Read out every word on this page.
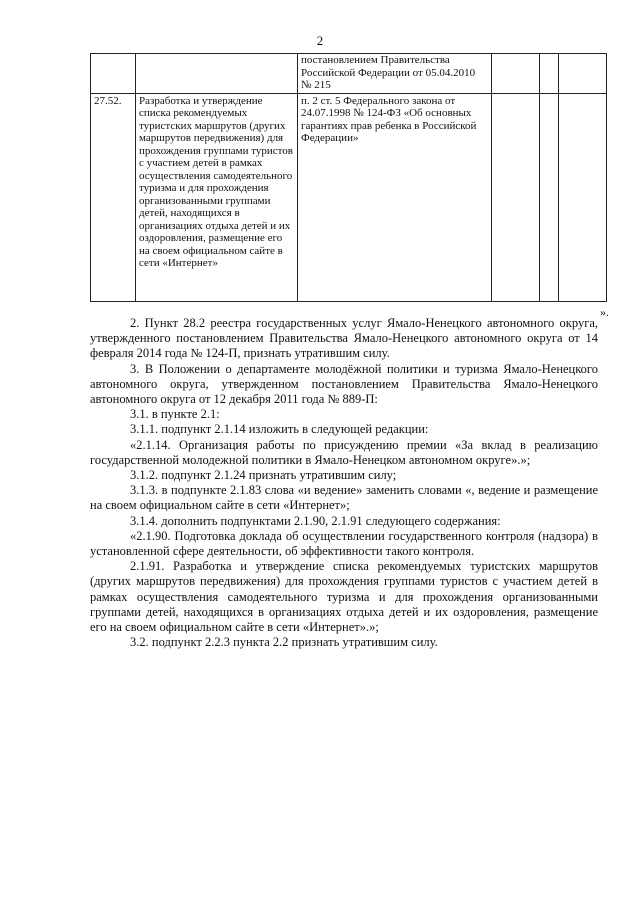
2
		постановлением Правительства Российской Федерации от 05.04.2010 № 215			
27.52.	Разработка и утверждение списка рекомендуемых туристских маршрутов (других маршрутов передвижения) для прохождения группами туристов с участием детей в рамках осуществления самодеятельного туризма и для прохождения организованными группами детей, находящихся в организациях отдыха детей и их оздоровления, размещение его на своем официальном сайте в сети «Интернет»	п. 2 ст. 5 Федерального закона от 24.07.1998 № 124-ФЗ «Об основных гарантиях прав ребенка в Российской Федерации»			
».

2. Пункт 28.2 реестра государственных услуг Ямало-Ненецкого автономного округа, утвержденного постановлением Правительства Ямало-Ненецкого автономного округа от 14 февраля 2014 года № 124-П, признать утратившим силу.

3. В Положении о департаменте молодёжной политики и туризма Ямало-Ненецкого автономного округа, утвержденном постановлением Правительства Ямало-Ненецкого автономного округа от 12 декабря 2011 года № 889-П:

3.1. в пункте 2.1:

3.1.1. подпункт 2.1.14 изложить в следующей редакции:

«2.1.14. Организация работы по присуждению премии «За вклад в реализацию государственной молодежной политики в Ямало-Ненецком автономном округе».»;

3.1.2. подпункт 2.1.24 признать утратившим силу;

3.1.3. в подпункте 2.1.83 слова «и ведение» заменить словами «, ведение и размещение на своем официальном сайте в сети «Интернет»;

3.1.4. дополнить подпунктами 2.1.90, 2.1.91 следующего содержания:

«2.1.90. Подготовка доклада об осуществлении государственного контроля (надзора) в установленной сфере деятельности, об эффективности такого контроля.

2.1.91. Разработка и утверждение списка рекомендуемых туристских маршрутов (других маршрутов передвижения) для прохождения группами туристов с участием детей в рамках осуществления самодеятельного туризма и для прохождения организованными группами детей, находящихся в организациях отдыха детей и их оздоровления, размещение его на своем официальном сайте в сети «Интернет».»;

3.2. подпункт 2.2.3 пункта 2.2 признать утратившим силу.
